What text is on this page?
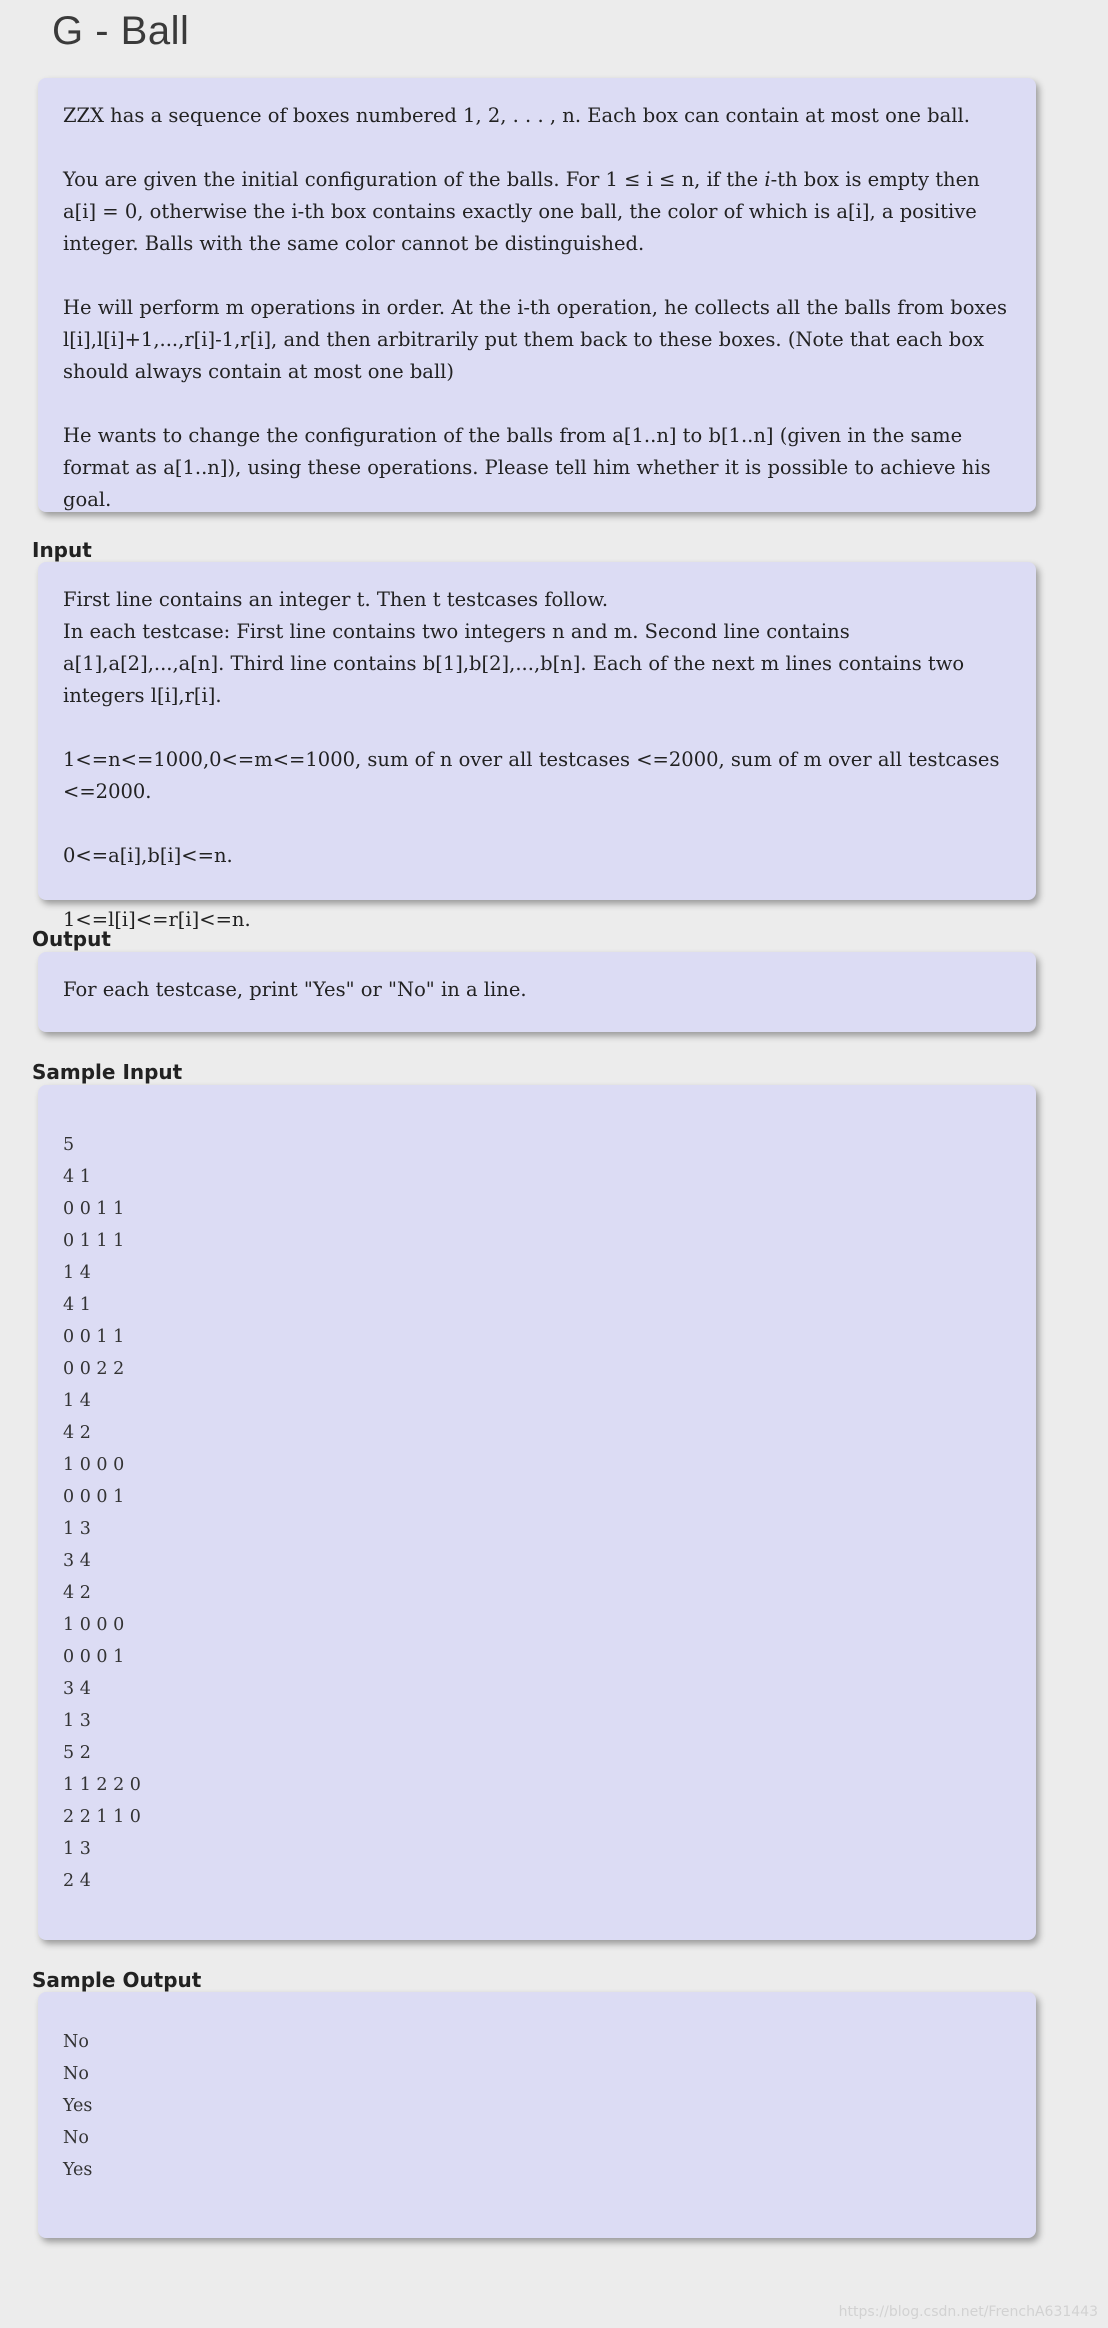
G - Ball

ZZX has a sequence of boxes numbered 1, 2, . . . , n. Each box can contain at most one ball.

You are given the initial configuration of the balls. For 1 ≤ i ≤ n, if the i-th box is empty then
a[i] = 0, otherwise the i-th box contains exactly one ball, the color of which is a[i], a positive integer. Balls with the same color cannot be distinguished.

He will perform m operations in order. At the i-th operation, he collects all the balls from boxes l[i],l[i]+1,...,r[i]-1,r[i], and then arbitrarily put them back to these boxes. (Note that each box should always contain at most one ball)

He wants to change the configuration of the balls from a[1..n] to b[1..n] (given in the same format as a[1..n]), using these operations. Please tell him whether it is possible to achieve his goal.

Input

First line contains an integer t. Then t testcases follow.

In each testcase: First line contains two integers n and m. Second line contains a[1],a[2],...,a[n]. Third line contains b[1],b[2],...,b[n]. Each of the next m lines contains two integers l[i],r[i].

1<=n<=1000,0<=m<=1000, sum of n over all testcases <=2000, sum of m over all testcases <=2000.

0<=a[i],b[i]<=n.

1<=l[i]<=r[i]<=n.

Output

For each testcase, print "Yes" or "No" in a line.

Sample Input
5
4 1
0 0 1 1
0 1 1 1
1 4
4 1
0 0 1 1
0 0 2 2
1 4
4 2
1 0 0 0
0 0 0 1
1 3
3 4
4 2
1 0 0 0
0 0 0 1
3 4
1 3
5 2
1 1 2 2 0
2 2 1 1 0
1 3
2 4
Sample Output
No
No
Yes
No
Yes
https://blog.csdn.net/FrenchA631443
